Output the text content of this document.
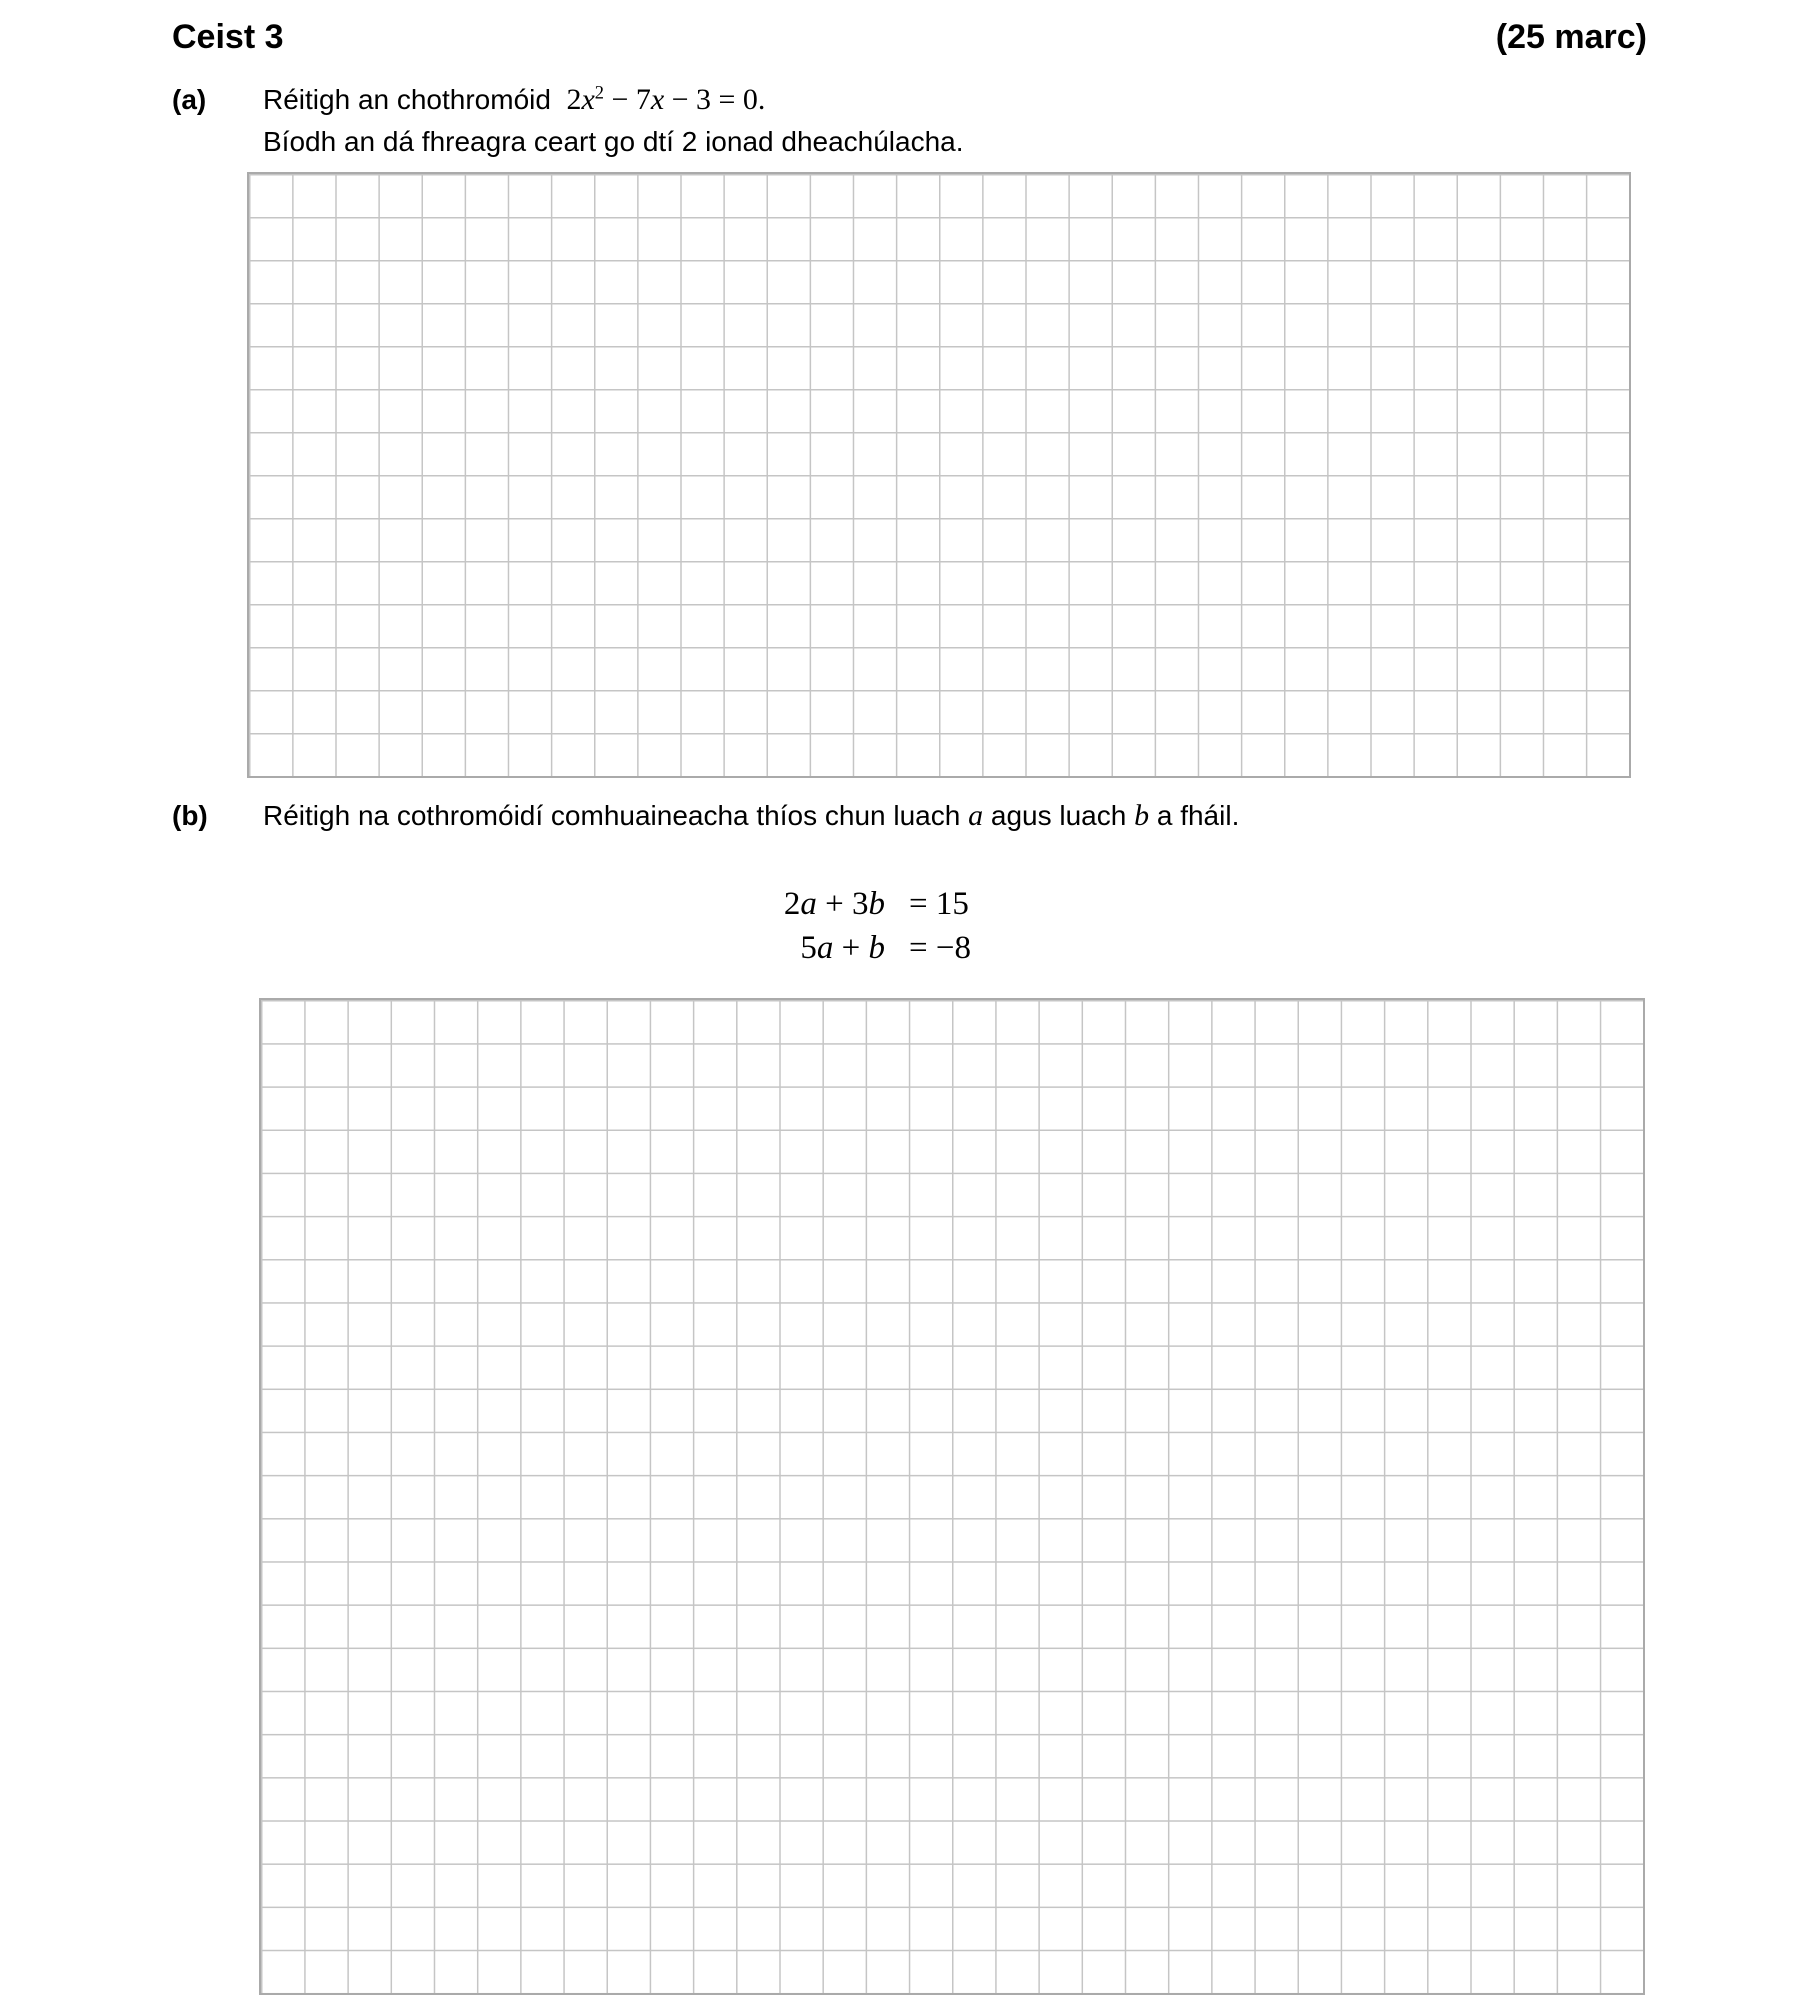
Ceist 3	(25 marc)
(a) Réitigh an chothromóid  $2x^2 - 7x - 3 = 0$.
Bíodh an dá fhreagra ceart go dtí 2 ionad dheachúlacha.
(b) Réitigh na cothromóidí comhuaineacha thíos chun luach a agus luach b a fháil.
2a + 3b = 15
5a + b = −8
